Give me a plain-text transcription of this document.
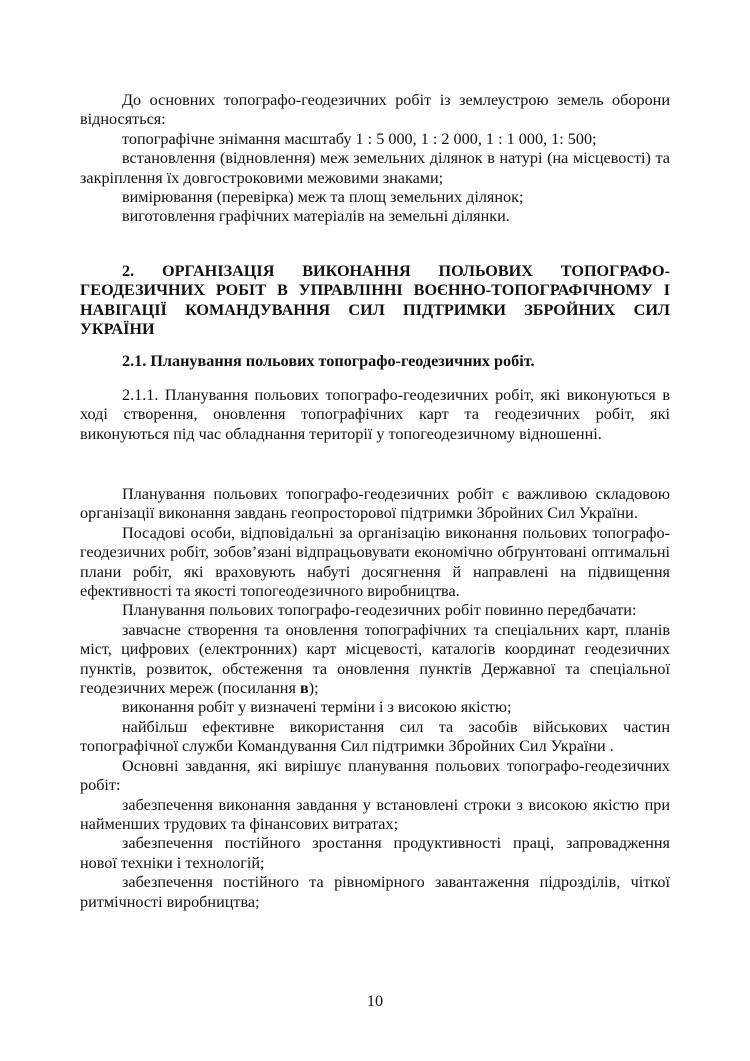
До основних топографо-геодезичних робіт із землеустрою земель оборони відносяться:

топографічне знімання масштабу 1 : 5 000, 1 : 2 000, 1 : 1 000, 1: 500;

встановлення (відновлення) меж земельних ділянок в натурі (на місцевості) та закріплення їх довгостроковими межовими знаками;

вимірювання (перевірка) меж та площ земельних ділянок;

виготовлення графічних матеріалів на земельні ділянки.

2. ОРГАНІЗАЦІЯ ВИКОНАННЯ ПОЛЬОВИХ ТОПОГРАФО-ГЕОДЕЗИЧНИХ РОБІТ В УПРАВЛІННІ ВОЄННО-ТОПОГРАФІЧНОМУ І НАВІГАЦІЇ КОМАНДУВАННЯ СИЛ ПІДТРИМКИ ЗБРОЙНИХ СИЛ УКРАЇНИ

2.1. Планування польових топографо-геодезичних робіт.

2.1.1. Планування польових топографо-геодезичних робіт, які виконуються в ході створення, оновлення топографічних карт та геодезичних робіт, які виконуються під час обладнання території у топогеодезичному відношенні.

Планування польових топографо-геодезичних робіт є важливою складовою організації виконання завдань геопросторової підтримки Збройних Сил України.

Посадові особи, відповідальні за організацію виконання польових топографо-геодезичних робіт, зобов’язані відпрацьовувати економічно обґрунтовані оптимальні плани робіт, які враховують набуті досягнення й направлені на підвищення ефективності та якості топогеодезичного виробництва.

Планування польових топографо-геодезичних робіт повинно передбачати:

завчасне створення та оновлення топографічних та спеціальних карт, планів міст, цифрових (електронних) карт місцевості, каталогів координат геодезичних пунктів, розвиток, обстеження та оновлення пунктів Державної та спеціальної геодезичних мереж (посилання в);

виконання робіт у визначені терміни і з високою якістю;

найбільш ефективне використання сил та засобів військових частин топографічної служби Командування Сил підтримки Збройних Сил України .

Основні завдання, які вирішує планування польових топографо-геодезичних робіт:

забезпечення виконання завдання у встановлені строки з високою якістю при найменших трудових та фінансових витратах;

забезпечення постійного зростання продуктивності праці, запровадження нової техніки і технологій;

забезпечення постійного та рівномірного завантаження підрозділів, чіткої ритмічності виробництва;

10
